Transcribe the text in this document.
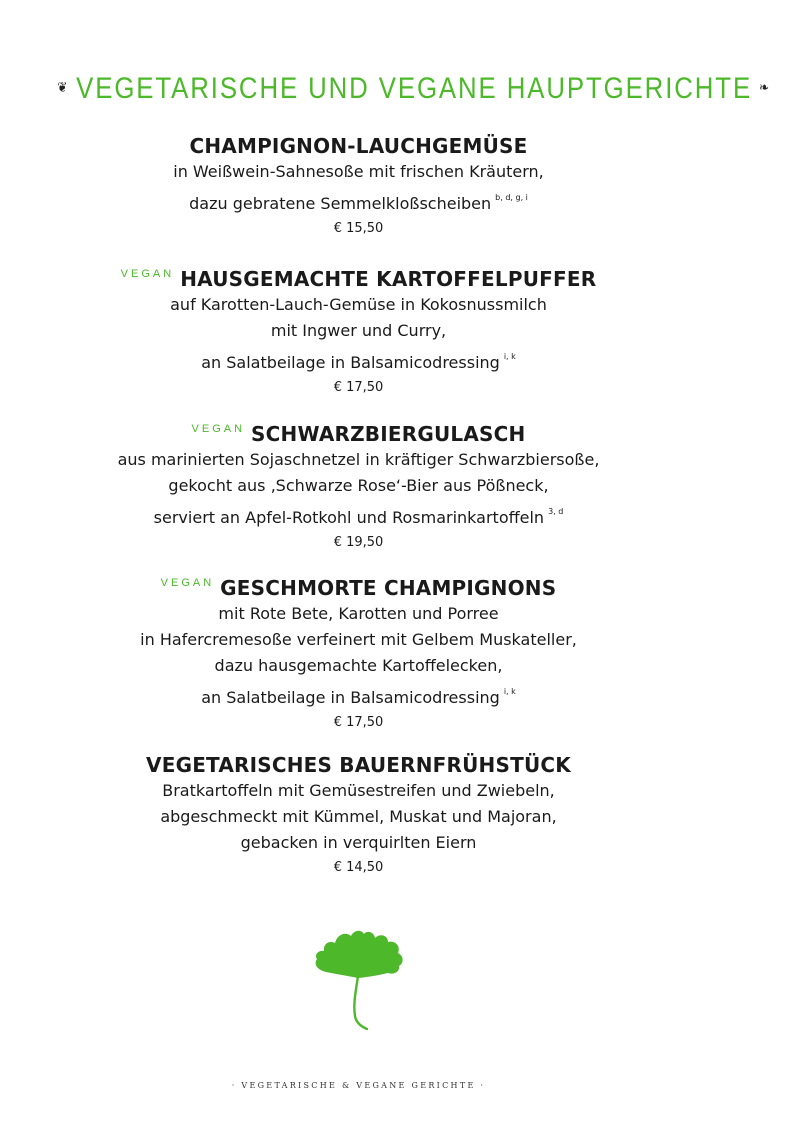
❦ VEGETARISCHE UND VEGANE HAUPTGERICHTE ❧
CHAMPIGNON-LAUCHGEMÜSE
in Weißwein-Sahnesoße mit frischen Kräutern,
dazu gebratene Semmelkloßscheiben $^{b, d, g, i}$
€ 15,50
$^{VEGAN}$ HAUSGEMACHTE KARTOFFELPUFFER
auf Karotten-Lauch-Gemüse in Kokosnussmilch
mit Ingwer und Curry,
an Salatbeilage in Balsamicodressing $^{i, k}$
€ 17,50
$^{VEGAN}$ SCHWARZBIERGULASCH
aus marinierten Sojaschnetzel in kräftiger Schwarzbiersoße,
gekocht aus ‚Schwarze Rose‘-Bier aus Pößneck,
serviert an Apfel-Rotkohl und Rosmarinkartoffeln $^{3, d}$
€ 19,50
$^{VEGAN}$ GESCHMORTE CHAMPIGNONS
mit Rote Bete, Karotten und Porree
in Hafercremesoße verfeinert mit Gelbem Muskateller,
dazu hausgemachte Kartoffelecken,
an Salatbeilage in Balsamicodressing $^{i, k}$
€ 17,50
VEGETARISCHES BAUERNFRÜHSTÜCK
Bratkartoffeln mit Gemüsestreifen und Zwiebeln,
abgeschmeckt mit Kümmel, Muskat und Majoran,
gebacken in verquirlten Eiern
€ 14,50
· VEGETARISCHE & VEGANE GERICHTE ·
